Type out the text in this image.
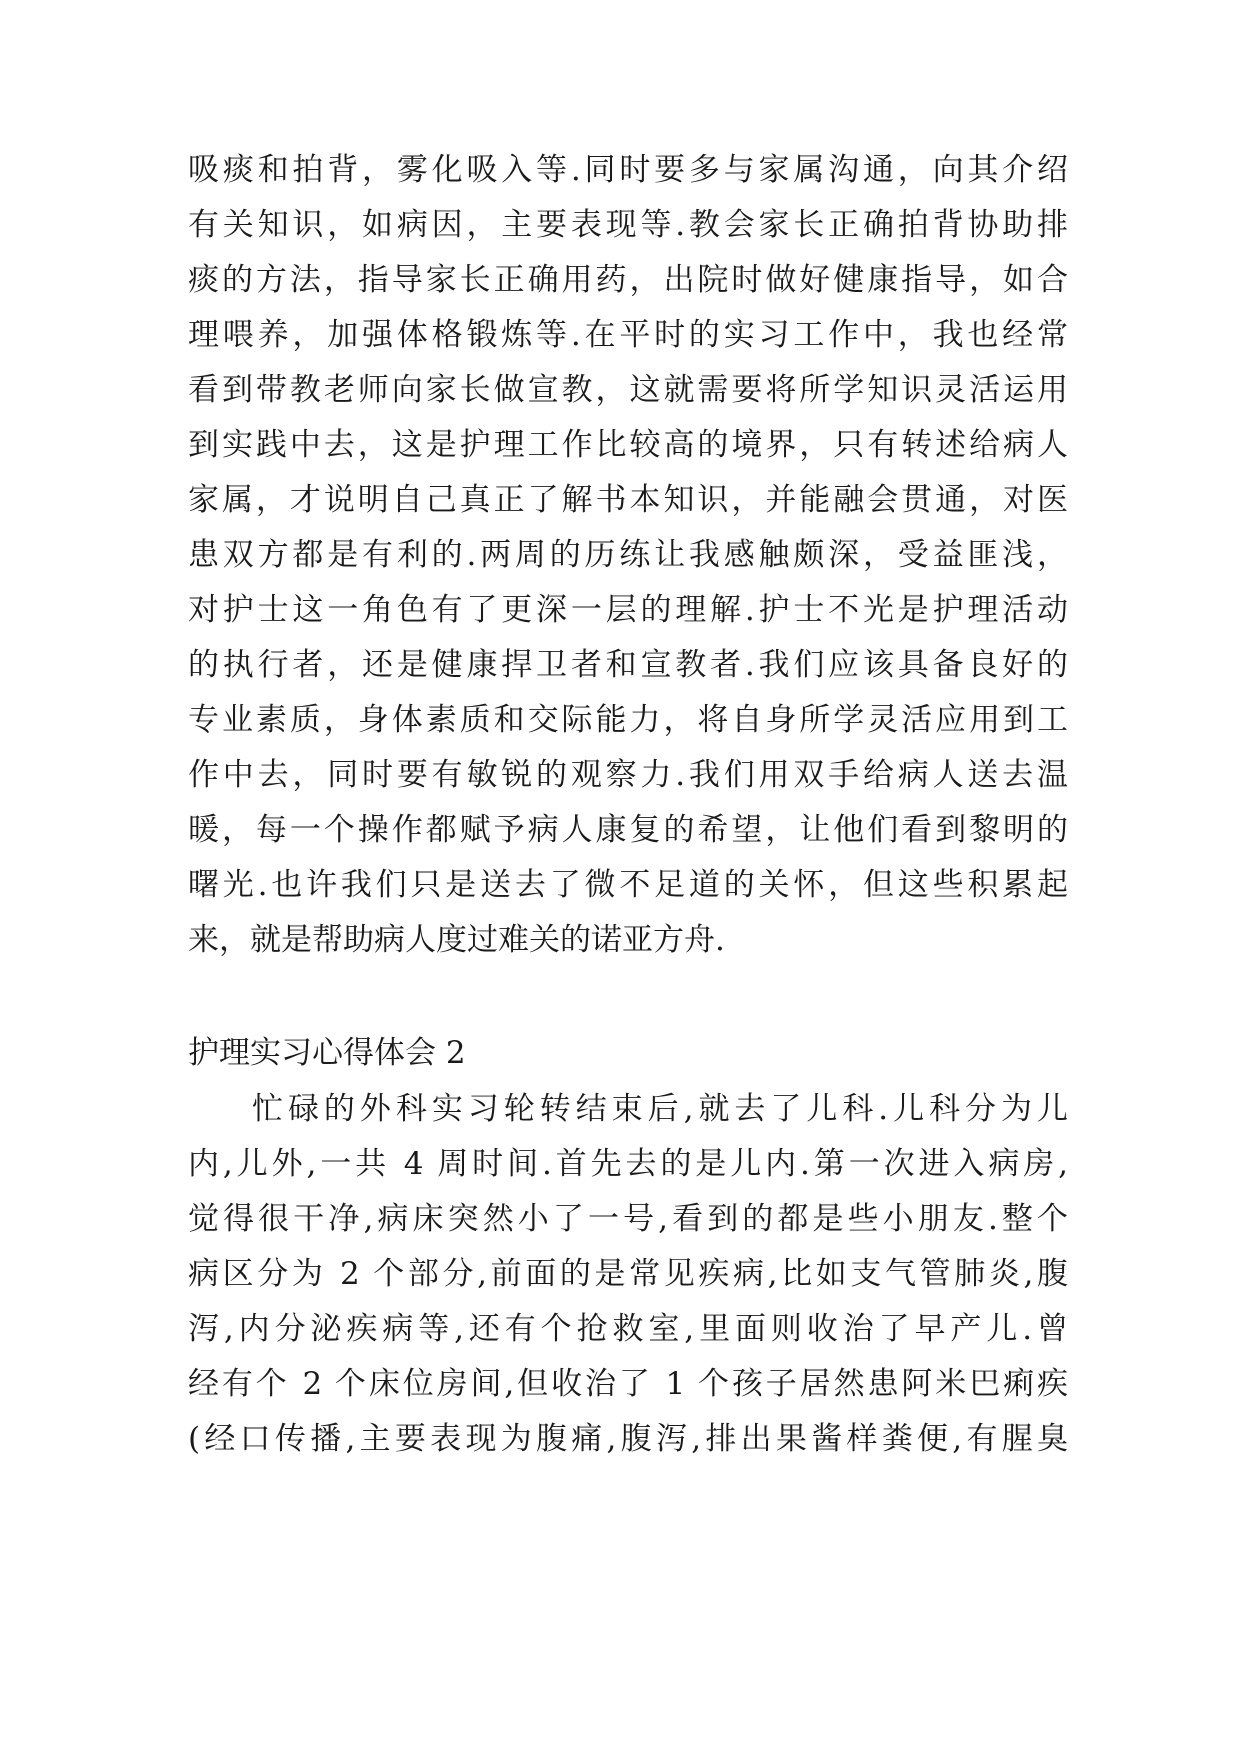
吸痰和拍背，雾化吸入等.同时要多与家属沟通，向其介绍
有关知识，如病因，主要表现等.教会家长正确拍背协助排
痰的方法，指导家长正确用药，出院时做好健康指导，如合
理喂养，加强体格锻炼等.在平时的实习工作中，我也经常
看到带教老师向家长做宣教，这就需要将所学知识灵活运用
到实践中去，这是护理工作比较高的境界，只有转述给病人
家属，才说明自己真正了解书本知识，并能融会贯通，对医
患双方都是有利的.两周的历练让我感触颇深，受益匪浅，
对护士这一角色有了更深一层的理解.护士不光是护理活动
的执行者，还是健康捍卫者和宣教者.我们应该具备良好的
专业素质，身体素质和交际能力，将自身所学灵活应用到工
作中去，同时要有敏锐的观察力.我们用双手给病人送去温
暖，每一个操作都赋予病人康复的希望，让他们看到黎明的
曙光.也许我们只是送去了微不足道的关怀，但这些积累起
来，就是帮助病人度过难关的诺亚方舟.
护理实习心得体会 2
忙碌的外科实习轮转结束后,就去了儿科.儿科分为儿
内,儿外,一共 4 周时间.首先去的是儿内.第一次进入病房,
觉得很干净,病床突然小了一号,看到的都是些小朋友.整个
病区分为 2 个部分,前面的是常见疾病,比如支气管肺炎,腹
泻,内分泌疾病等,还有个抢救室,里面则收治了早产儿.曾
经有个 2 个床位房间,但收治了 1 个孩子居然患阿米巴痢疾
(经口传播,主要表现为腹痛,腹泻,排出果酱样粪便,有腥臭
